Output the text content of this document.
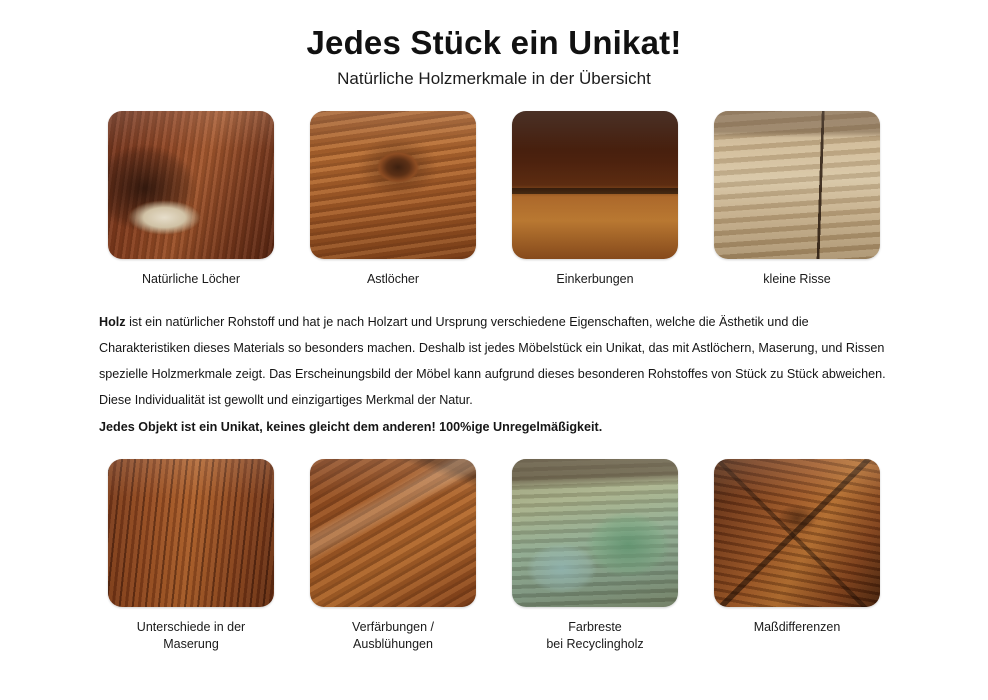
Jedes Stück ein Unikat!
Natürliche Holzmerkmale in der Übersicht
Natürliche Löcher	Astlöcher	Einkerbungen	kleine Risse

Holz ist ein natürlicher Rohstoff und hat je nach Holzart und Ursprung verschiedene Eigenschaften, welche die Ästhetik und die Charakteristiken dieses Materials so besonders machen. Deshalb ist jedes Möbelstück ein Unikat, das mit Astlöchern, Maserung, und Rissen spezielle Holzmerkmale zeigt. Das Erscheinungsbild der Möbel kann aufgrund dieses besonderen Rohstoffes von Stück zu Stück abweichen. Diese Individualität ist gewollt und einzigartiges Merkmal der Natur.

Jedes Objekt ist ein Unikat, keines gleicht dem anderen! 100%ige Unregelmäßigkeit.

Unterschiede in der
Maserung
Verfärbungen / Ausblühungen
Farbreste
bei Recyclingholz
Maßdifferenzen
